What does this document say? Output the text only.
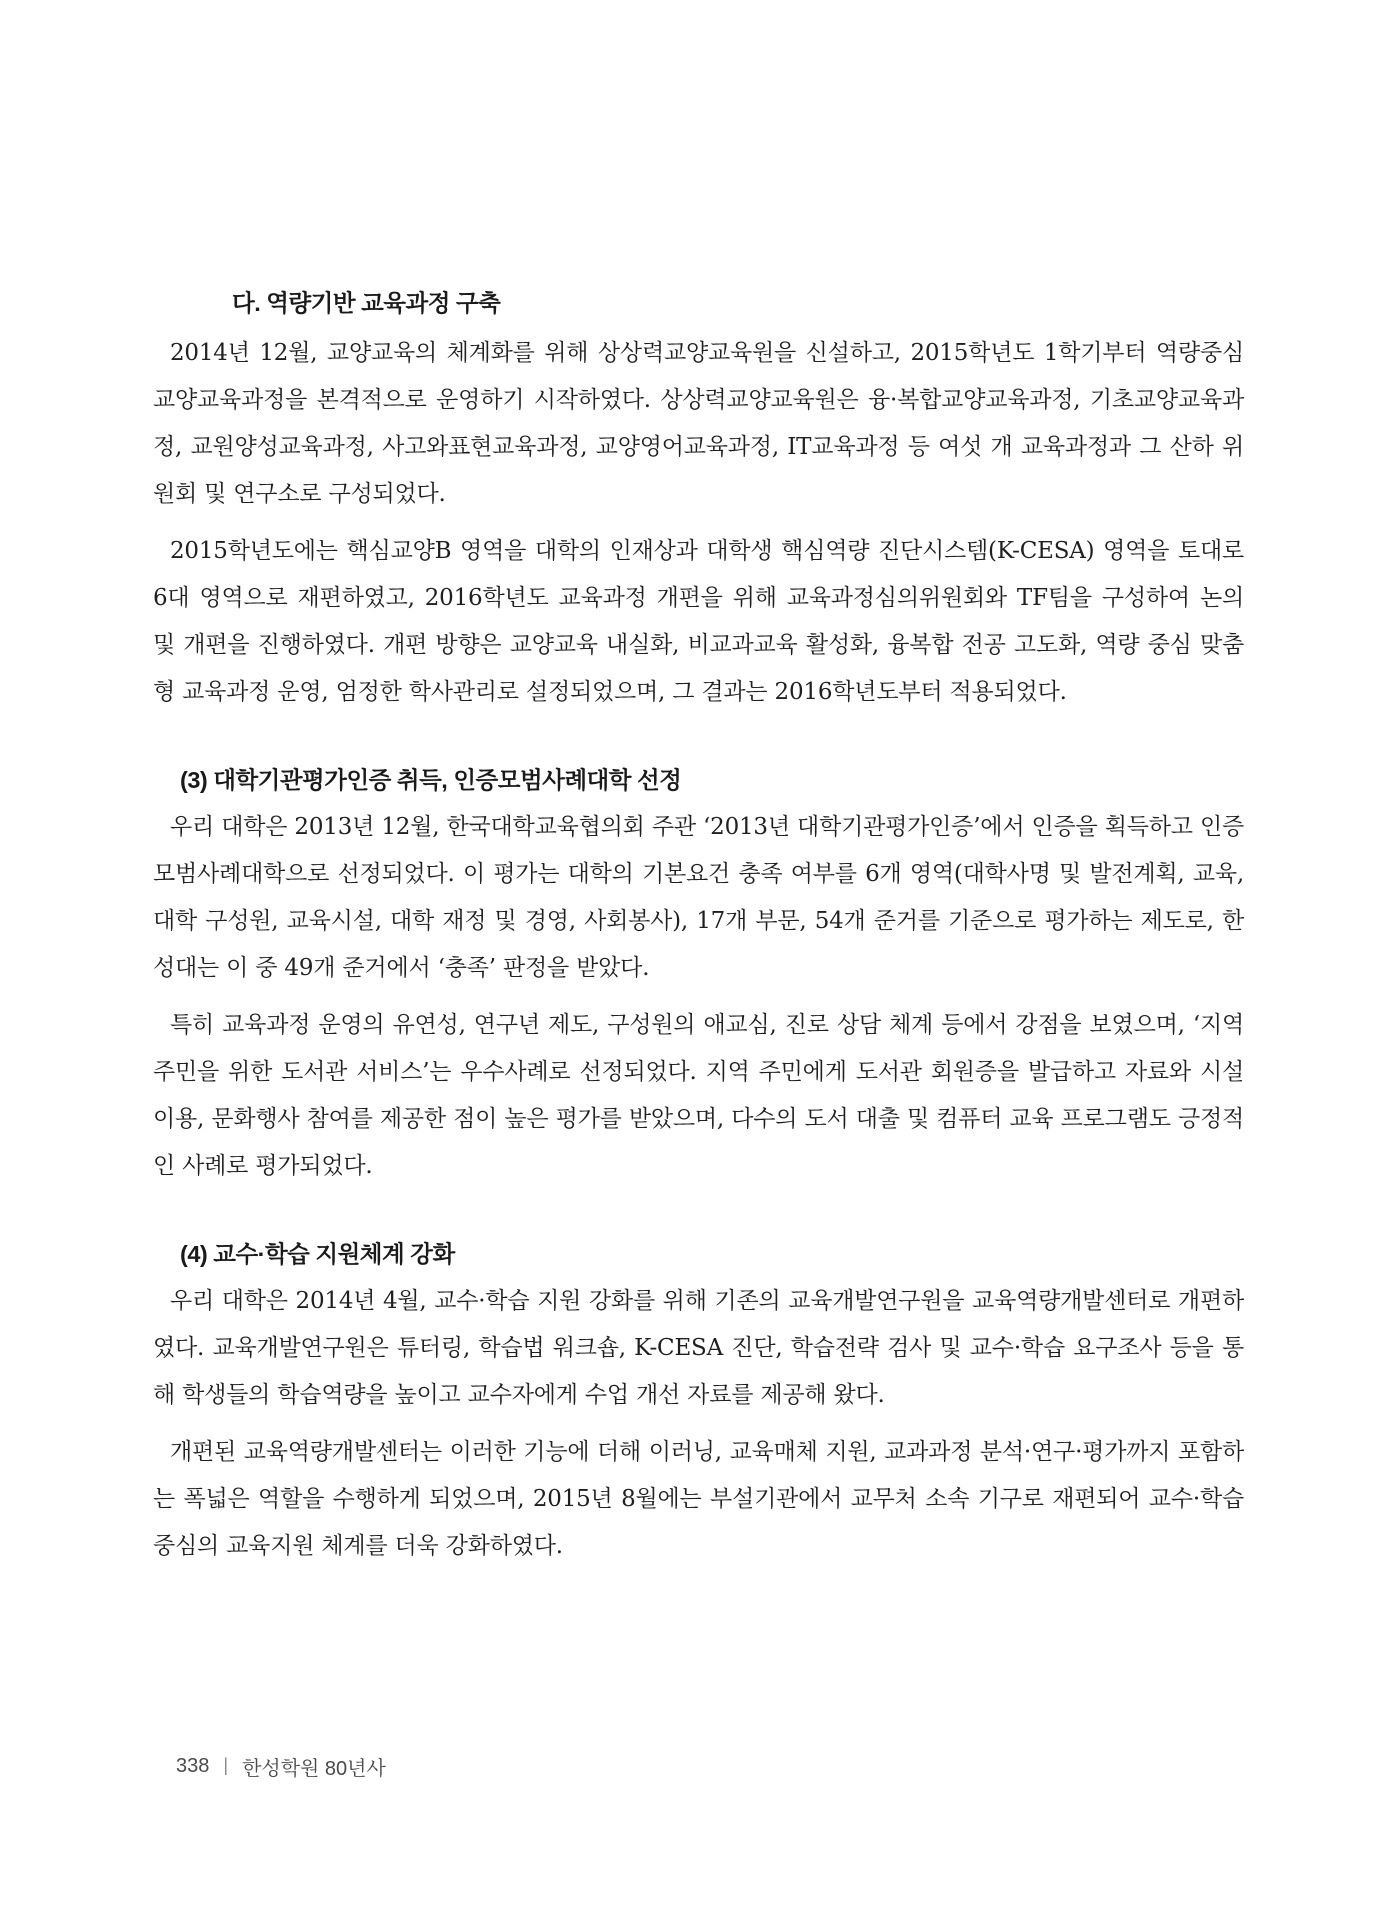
다. 역량기반 교육과정 구축

2014년 12월, 교양교육의 체계화를 위해 상상력교양교육원을 신설하고, 2015학년도 1학기부터 역량중심 교양교육과정을 본격적으로 운영하기 시작하였다. 상상력교양교육원은 융·복합교양교육과정, 기초교양교육과정, 교원양성교육과정, 사고와표현교육과정, 교양영어교육과정, IT교육과정 등 여섯 개 교육과정과 그 산하 위원회 및 연구소로 구성되었다.

2015학년도에는 핵심교양B 영역을 대학의 인재상과 대학생 핵심역량 진단시스템(K-CESA) 영역을 토대로 6대 영역으로 재편하였고, 2016학년도 교육과정 개편을 위해 교육과정심의위원회와 TF팀을 구성하여 논의 및 개편을 진행하였다. 개편 방향은 교양교육 내실화, 비교과교육 활성화, 융복합 전공 고도화, 역량 중심 맞춤형 교육과정 운영, 엄정한 학사관리로 설정되었으며, 그 결과는 2016학년도부터 적용되었다.

(3) 대학기관평가인증 취득, 인증모범사례대학 선정

우리 대학은 2013년 12월, 한국대학교육협의회 주관 ‘2013년 대학기관평가인증’에서 인증을 획득하고 인증모범사례대학으로 선정되었다. 이 평가는 대학의 기본요건 충족 여부를 6개 영역(대학사명 및 발전계획, 교육, 대학 구성원, 교육시설, 대학 재정 및 경영, 사회봉사), 17개 부문, 54개 준거를 기준으로 평가하는 제도로, 한성대는 이 중 49개 준거에서 ‘충족’ 판정을 받았다.

특히 교육과정 운영의 유연성, 연구년 제도, 구성원의 애교심, 진로 상담 체계 등에서 강점을 보였으며, ‘지역주민을 위한 도서관 서비스’는 우수사례로 선정되었다. 지역 주민에게 도서관 회원증을 발급하고 자료와 시설 이용, 문화행사 참여를 제공한 점이 높은 평가를 받았으며, 다수의 도서 대출 및 컴퓨터 교육 프로그램도 긍정적인 사례로 평가되었다.

(4) 교수·학습 지원체계 강화

우리 대학은 2014년 4월, 교수·학습 지원 강화를 위해 기존의 교육개발연구원을 교육역량개발센터로 개편하였다. 교육개발연구원은 튜터링, 학습법 워크숍, K-CESA 진단, 학습전략 검사 및 교수·학습 요구조사 등을 통해 학생들의 학습역량을 높이고 교수자에게 수업 개선 자료를 제공해 왔다.

개편된 교육역량개발센터는 이러한 기능에 더해 이러닝, 교육매체 지원, 교과과정 분석·연구·평가까지 포함하는 폭넓은 역할을 수행하게 되었으며, 2015년 8월에는 부설기관에서 교무처 소속 기구로 재편되어 교수·학습 중심의 교육지원 체계를 더욱 강화하였다.

338 | 한성학원 80년사
